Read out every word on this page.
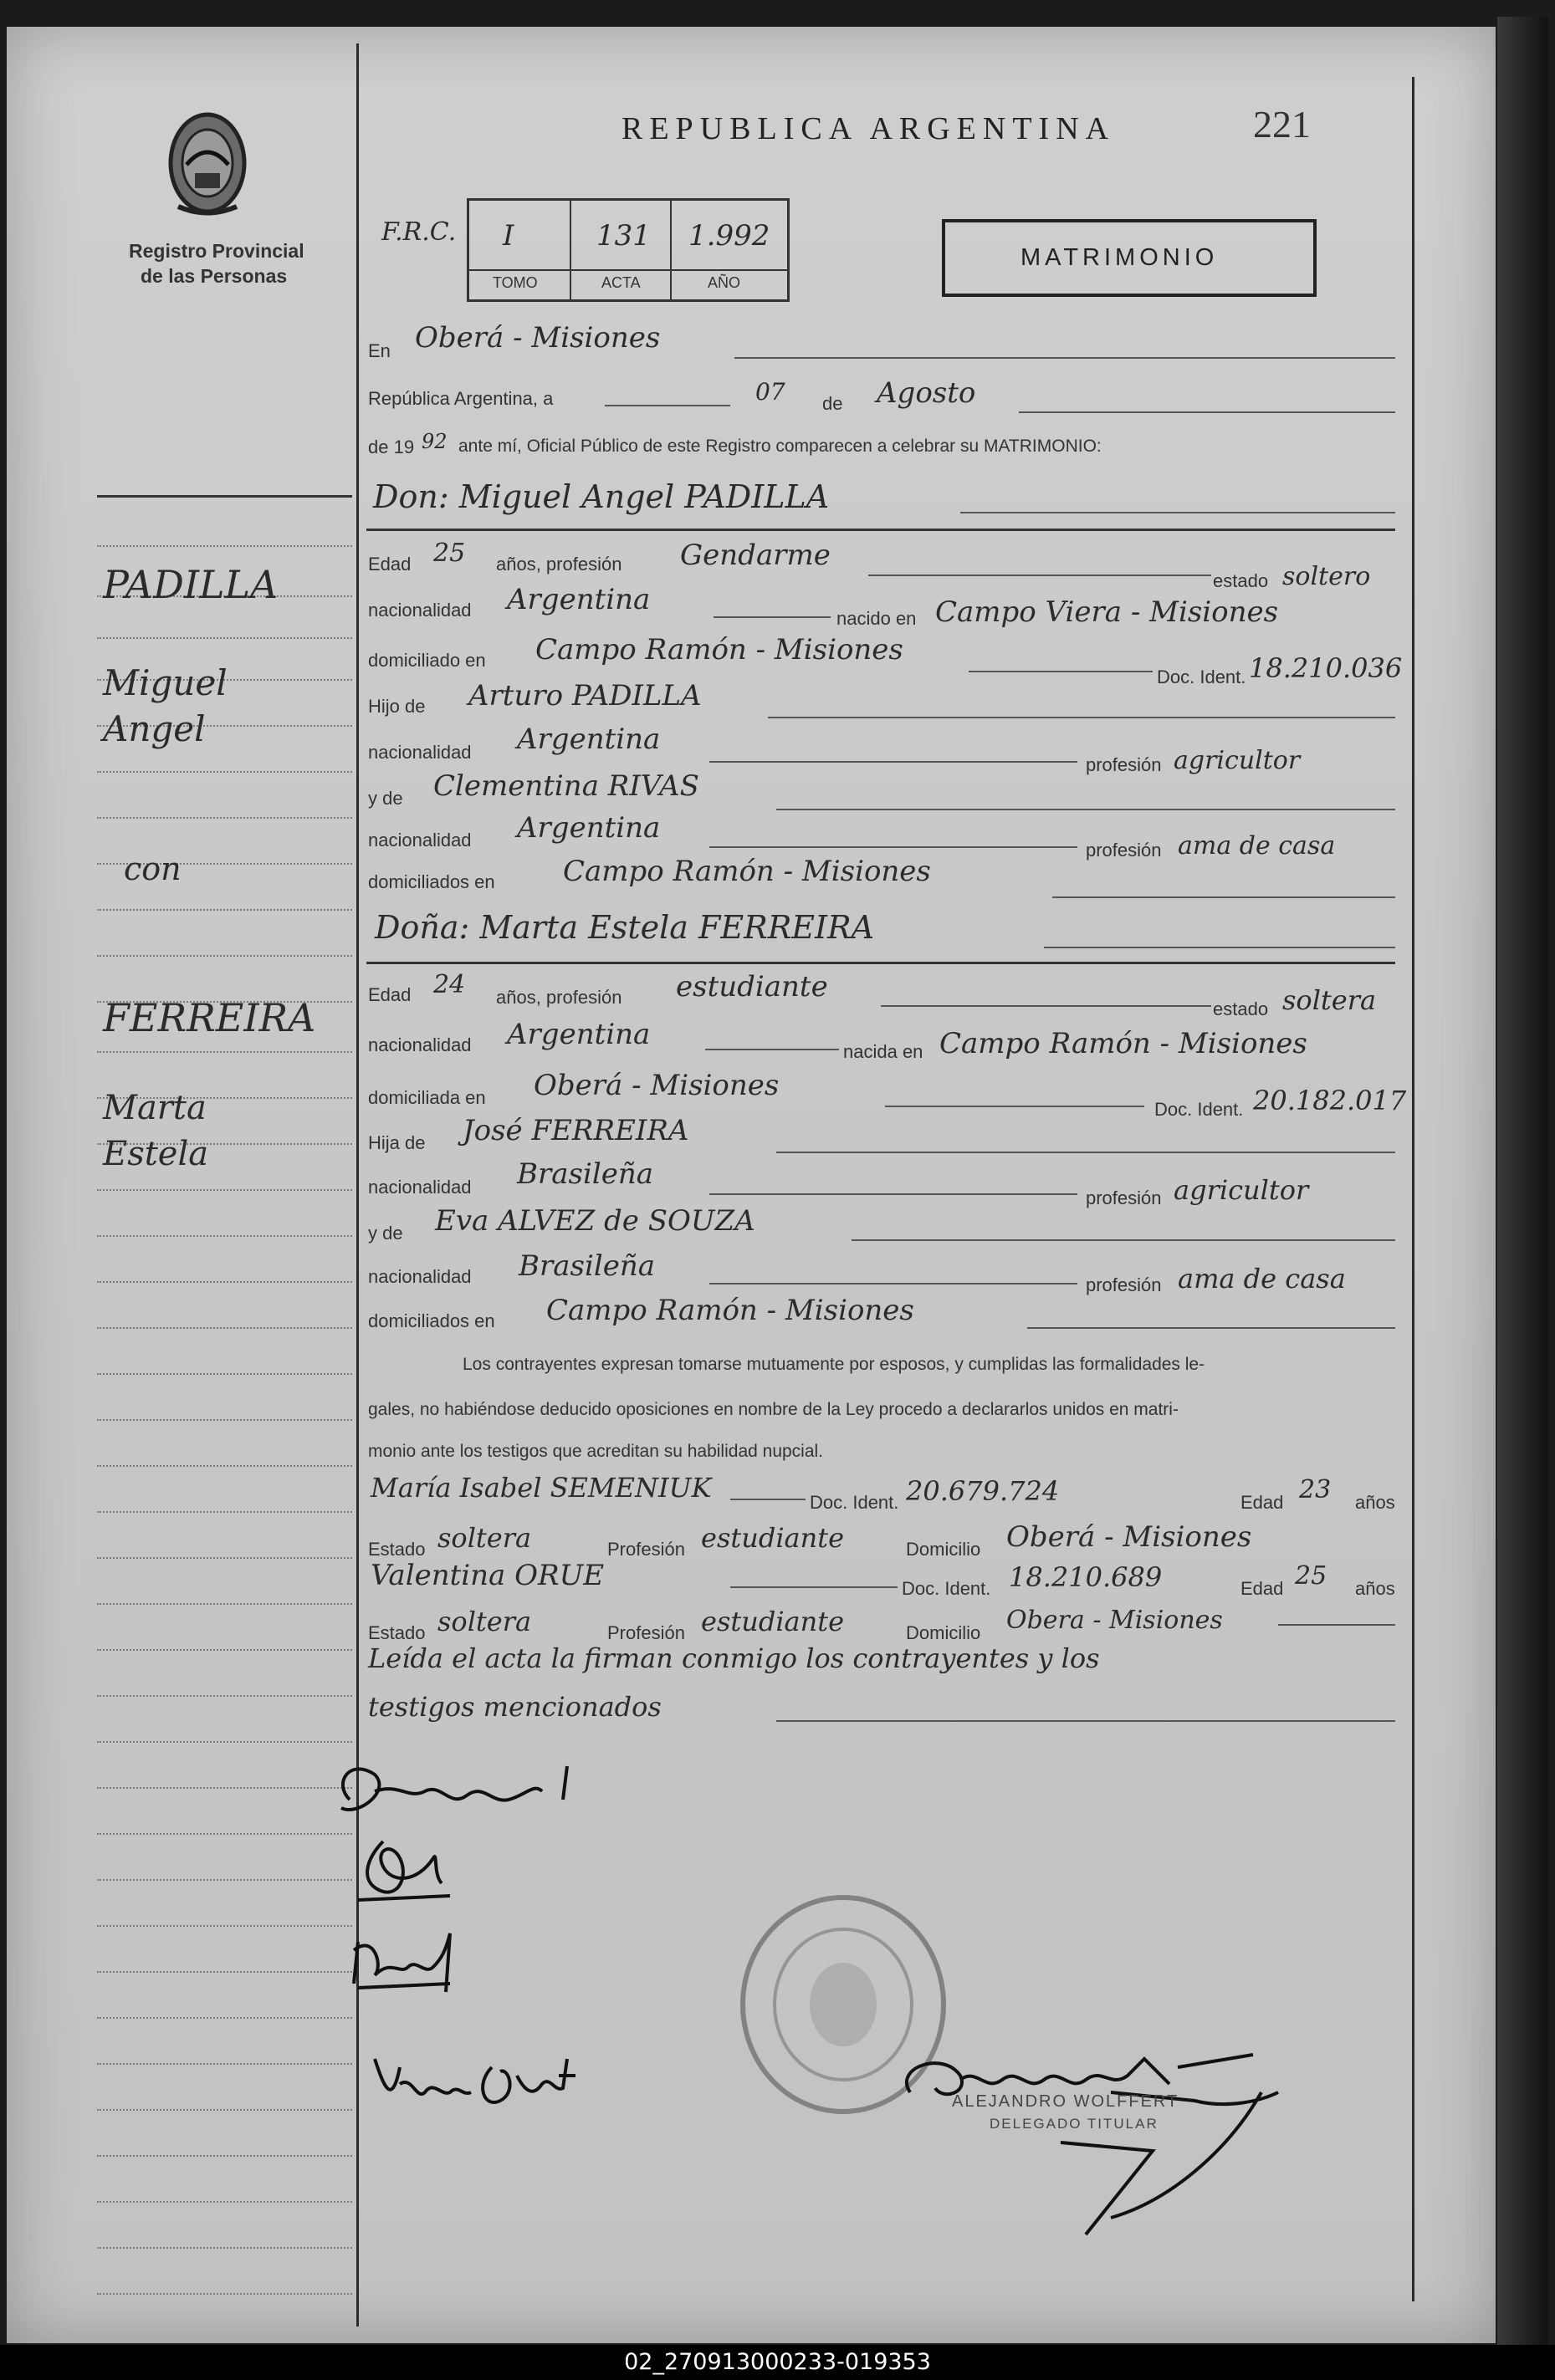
Registro Provincial
de las Personas
REPUBLICA ARGENTINA	221
F.R.C. I	131 1.992
TOMO	ACTA	AÑO
MATRIMONIO
PADILLA
Miguel
Angel
con
FERREIRA
Marta
Estela
En Oberá - Misiones
República Argentina, a	07 de Agosto
de 19 92 ante mí, Oficial Público de este Registro comparecen a celebrar su MATRIMONIO:
Don: Miguel Angel PADILLA
Edad 25 años, profesión Gendarme
estado soltero
nacionalidad Argentina
nacido en Campo Viera - Misiones
domiciliado en Campo Ramón - Misiones
Doc. Ident. 18.210.036
Hijo de Arturo PADILLA
nacionalidad Argentina
profesión agricultor
y de Clementina RIVAS
nacionalidad Argentina
profesión ama de casa
domiciliados en Campo Ramón - Misiones
Doña: Marta Estela FERREIRA
Edad 24 años, profesión estudiante
estado soltera
nacionalidad Argentina
nacida en Campo Ramón - Misiones
domiciliada en Oberá - Misiones
Doc. Ident. 20.182.017
Hija de José FERREIRA
nacionalidad Brasileña
profesión agricultor
y de Eva ALVEZ de SOUZA
nacionalidad Brasileña
profesión ama de casa
domiciliados en Campo Ramón - Misiones
Los contrayentes expresan tomarse mutuamente por esposos, y cumplidas las formalidades le-
gales, no habiéndose deducido oposiciones en nombre de la Ley procedo a declararlos unidos en matri-
monio ante los testigos que acreditan su habilidad nupcial.
María Isabel SEMENIUK	Doc. Ident. 20.679.724	Edad 23 años
Estado soltera	Profesión estudiante	Domicilio Oberá - Misiones
Valentina ORUE	Doc. Ident. 18.210.689	Edad 25 años
Estado soltera	Profesión estudiante	Domicilio Obera - Misiones
Leída el acta la firman conmigo los contrayentes y los
testigos mencionados
ALEJANDRO WOLFFERT
DELEGADO TITULAR
02_270913000233-019353
